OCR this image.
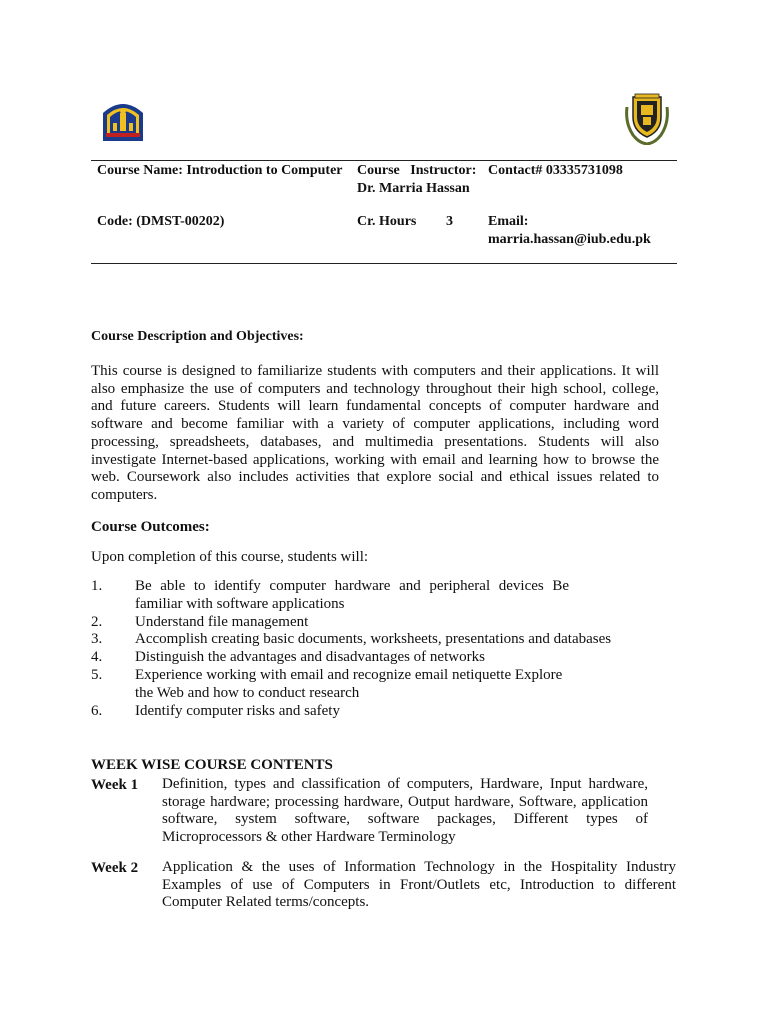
Course Name: Introduction to Computer Course   Instructor:
Dr. Marria Hassan
Contact# 03335731098
Code: (DMST-00202)	Cr. Hours 3	Email:
marria.hassan@iub.edu.pk
Course Description and Objectives:
This course is designed to familiarize students with computers and their applications. It will also emphasize the use of computers and technology throughout their high school, college, and future careers. Students will learn fundamental concepts of computer hardware and software and become familiar with a variety of computer applications, including word processing, spreadsheets, databases, and multimedia presentations. Students will also investigate Internet-based applications, working with email and learning how to browse the web. Coursework also includes activities that explore social and ethical issues related to computers.
Course Outcomes:
Upon completion of this course, students will:
1. Be able to identify computer hardware and peripheral devices Be familiar with software applications
2. Understand file management
3. Accomplish creating basic documents, worksheets, presentations and databases
4. Distinguish the advantages and disadvantages of networks
5. Experience working with email and recognize email netiquette Explore the Web and how to conduct research
6. Identify computer risks and safety
WEEK WISE COURSE CONTENTS
Week 1 Definition, types and classification of computers, Hardware, Input hardware, storage hardware; processing hardware, Output hardware, Software, application software, system software, software packages, Different types of Microprocessors & other Hardware Terminology
Week 2 Application & the uses of Information Technology in the Hospitality Industry Examples of use of Computers in Front/Outlets etc, Introduction to different Computer Related terms/concepts.
